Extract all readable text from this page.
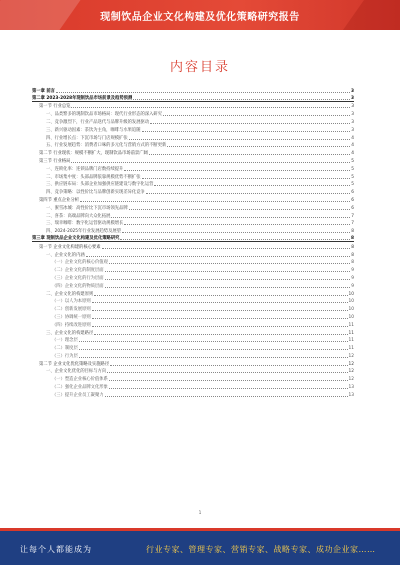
现制饮品企业文化构建及优化策略研究报告
内容目录
第一章 前言	3
第二章 2023-2028年现制饮品市场前景及趋势预测	3
第一节 行业总览	3
一、品类繁多的现制饮品市场格局：现代行业形态的深入研究	3
二、竞争激烈下，行业产品迭代与品牌升级的发展驱动	3
三、新兴驱动因素：茶饮为主角，咖啡与水果追随	3
四、行业增长点：下沉市场与门店规模扩张	4
五、行业发展趋势：消费者口味的多元化与营销方式的不断更新	4
第二节 行业现状：规模不断扩大，现制饮品市场前景广阔	4
第三节 行业格局	5
一、连锁化率：连锁品牌门店数持续提升	5
二、市场集中度：头部品牌依靠规模优势不断扩张	5
三、供应链布局：头部企业加强供应链建设与数字化运营	5
四、竞争策略：以性价比与品牌创新实现差异化竞争	6
第四节 重点企业分析	6
一、蜜雪冰城：高性价比下沉市场领先品牌	6
二、喜茶：高端品牌向大众化拓展	7
三、瑞幸咖啡：数字化运营驱动规模增长	7
四、2024-2025年行业发展趋势及展望	8
第三章 现制饮品企业文化构建及优化策略研究	8
第一节 企业文化构建的核心要素	8
一、企业文化的内涵	8
（一）企业文化的核心价值观	8
（二）企业文化的制度层面	9
（三）企业文化的行为层面	9
（四）企业文化的物质层面	9
二、企业文化的构建原则	10
（一）以人为本原则	10
（二）创新发展原则	10
（三）协调统一原则	10
（四）持续改进原则	11
三、企业文化的构建路径	11
（一）理念层	11
（二）制度层	11
（三）行为层	12
第二节 企业文化优化策略及实施路径	12
一、企业文化优化的目标与方向	12
（一）塑造企业核心价值体系	12
（二）强化企业品牌文化形象	13
（三）提升企业员工凝聚力	13
1
让每个人都能成为	行业专家、管理专家、营销专家、战略专家、成功企业家……
